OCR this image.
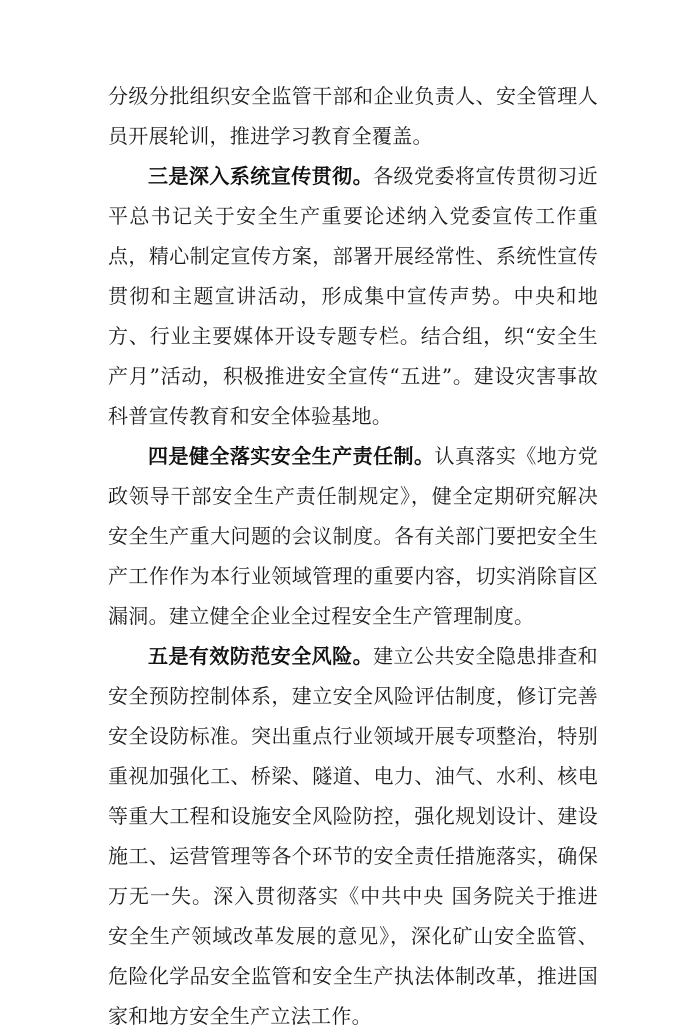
分级分批组织安全监管干部和企业负责人、安全管理人员开展轮训，推进学习教育全覆盖。

三是深入系统宣传贯彻。各级党委将宣传贯彻习近平总书记关于安全生产重要论述纳入党委宣传工作重点，精心制定宣传方案，部署开展经常性、系统性宣传贯彻和主题宣讲活动，形成集中宣传声势。中央和地方、行业主要媒体开设专题专栏。结合组，织“安全生产月”活动，积极推进安全宣传“五进”。建设灾害事故科普宣传教育和安全体验基地。

四是健全落实安全生产责任制。认真落实《地方党政领导干部安全生产责任制规定》，健全定期研究解决安全生产重大问题的会议制度。各有关部门要把安全生产工作作为本行业领域管理的重要内容，切实消除盲区漏洞。建立健全企业全过程安全生产管理制度。

五是有效防范安全风险。建立公共安全隐患排查和安全预防控制体系，建立安全风险评估制度，修订完善安全设防标准。突出重点行业领域开展专项整治，特别重视加强化工、桥梁、隧道、电力、油气、水利、核电等重大工程和设施安全风险防控，强化规划设计、建设施工、运营管理等各个环节的安全责任措施落实，确保万无一失。深入贯彻落实《中共中央 国务院关于推进安全生产领域改革发展的意见》，深化矿山安全监管、危险化学品安全监管和安全生产执法体制改革，推进国家和地方安全生产立法工作。
